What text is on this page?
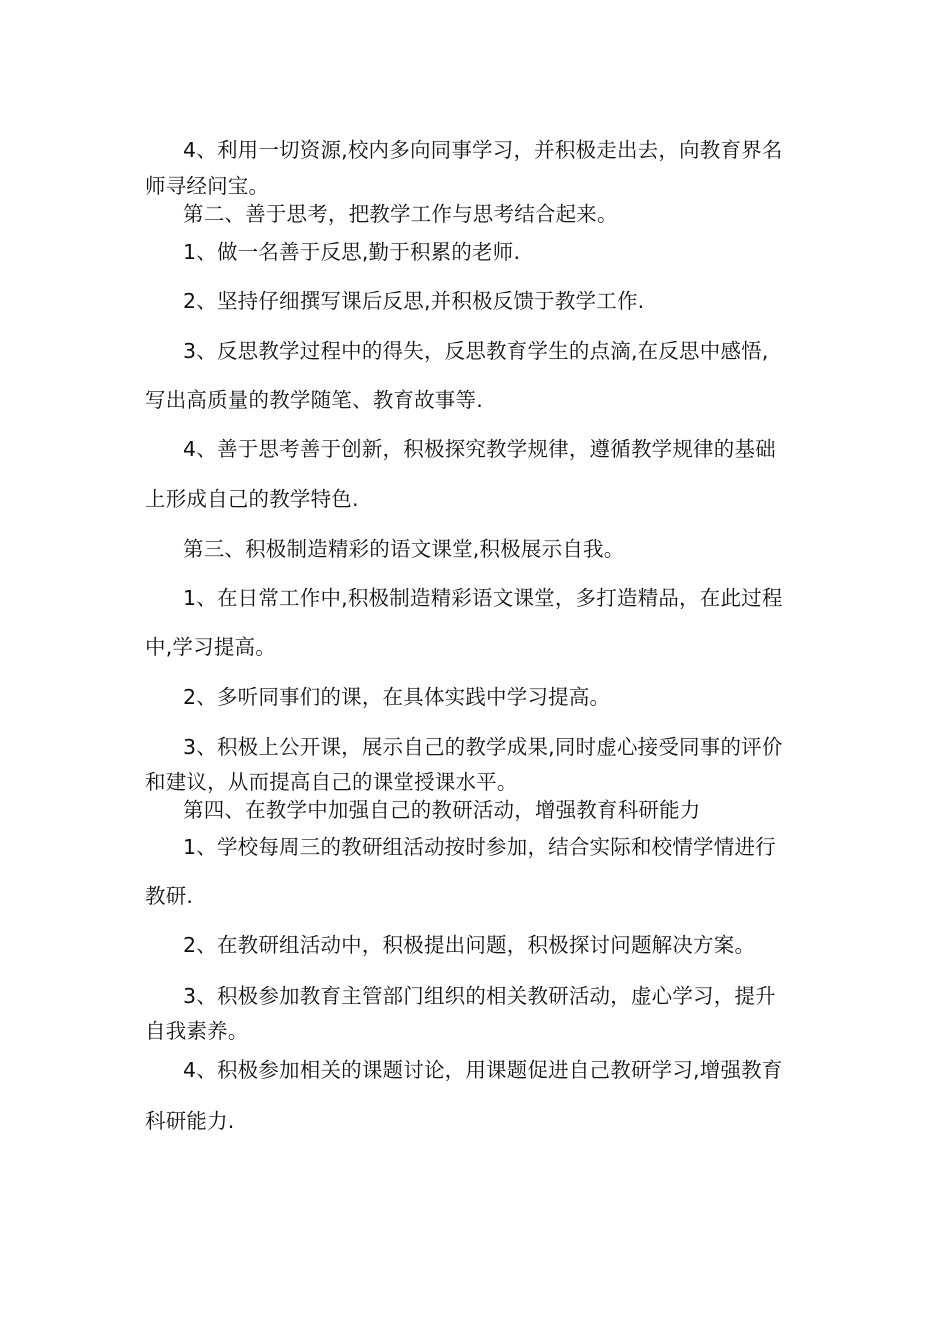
4、利用一切资源,校内多向同事学习，并积极走出去，向教育界名
师寻经问宝。
第二、善于思考，把教学工作与思考结合起来。
1、做一名善于反思,勤于积累的老师.
2、坚持仔细撰写课后反思,并积极反馈于教学工作.
3、反思教学过程中的得失，反思教育学生的点滴,在反思中感悟,
写出高质量的教学随笔、教育故事等.
4、善于思考善于创新，积极探究教学规律，遵循教学规律的基础
上形成自己的教学特色.
第三、积极制造精彩的语文课堂,积极展示自我。
1、在日常工作中,积极制造精彩语文课堂，多打造精品，在此过程
中,学习提高。
2、多听同事们的课，在具体实践中学习提高。
3、积极上公开课，展示自己的教学成果,同时虚心接受同事的评价
和建议，从而提高自己的课堂授课水平。
第四、在教学中加强自己的教研活动，增强教育科研能力
1、学校每周三的教研组活动按时参加，结合实际和校情学情进行
教研.
2、在教研组活动中，积极提出问题，积极探讨问题解决方案。
3、积极参加教育主管部门组织的相关教研活动，虚心学习，提升
自我素养。
4、积极参加相关的课题讨论，用课题促进自己教研学习,增强教育
科研能力.
